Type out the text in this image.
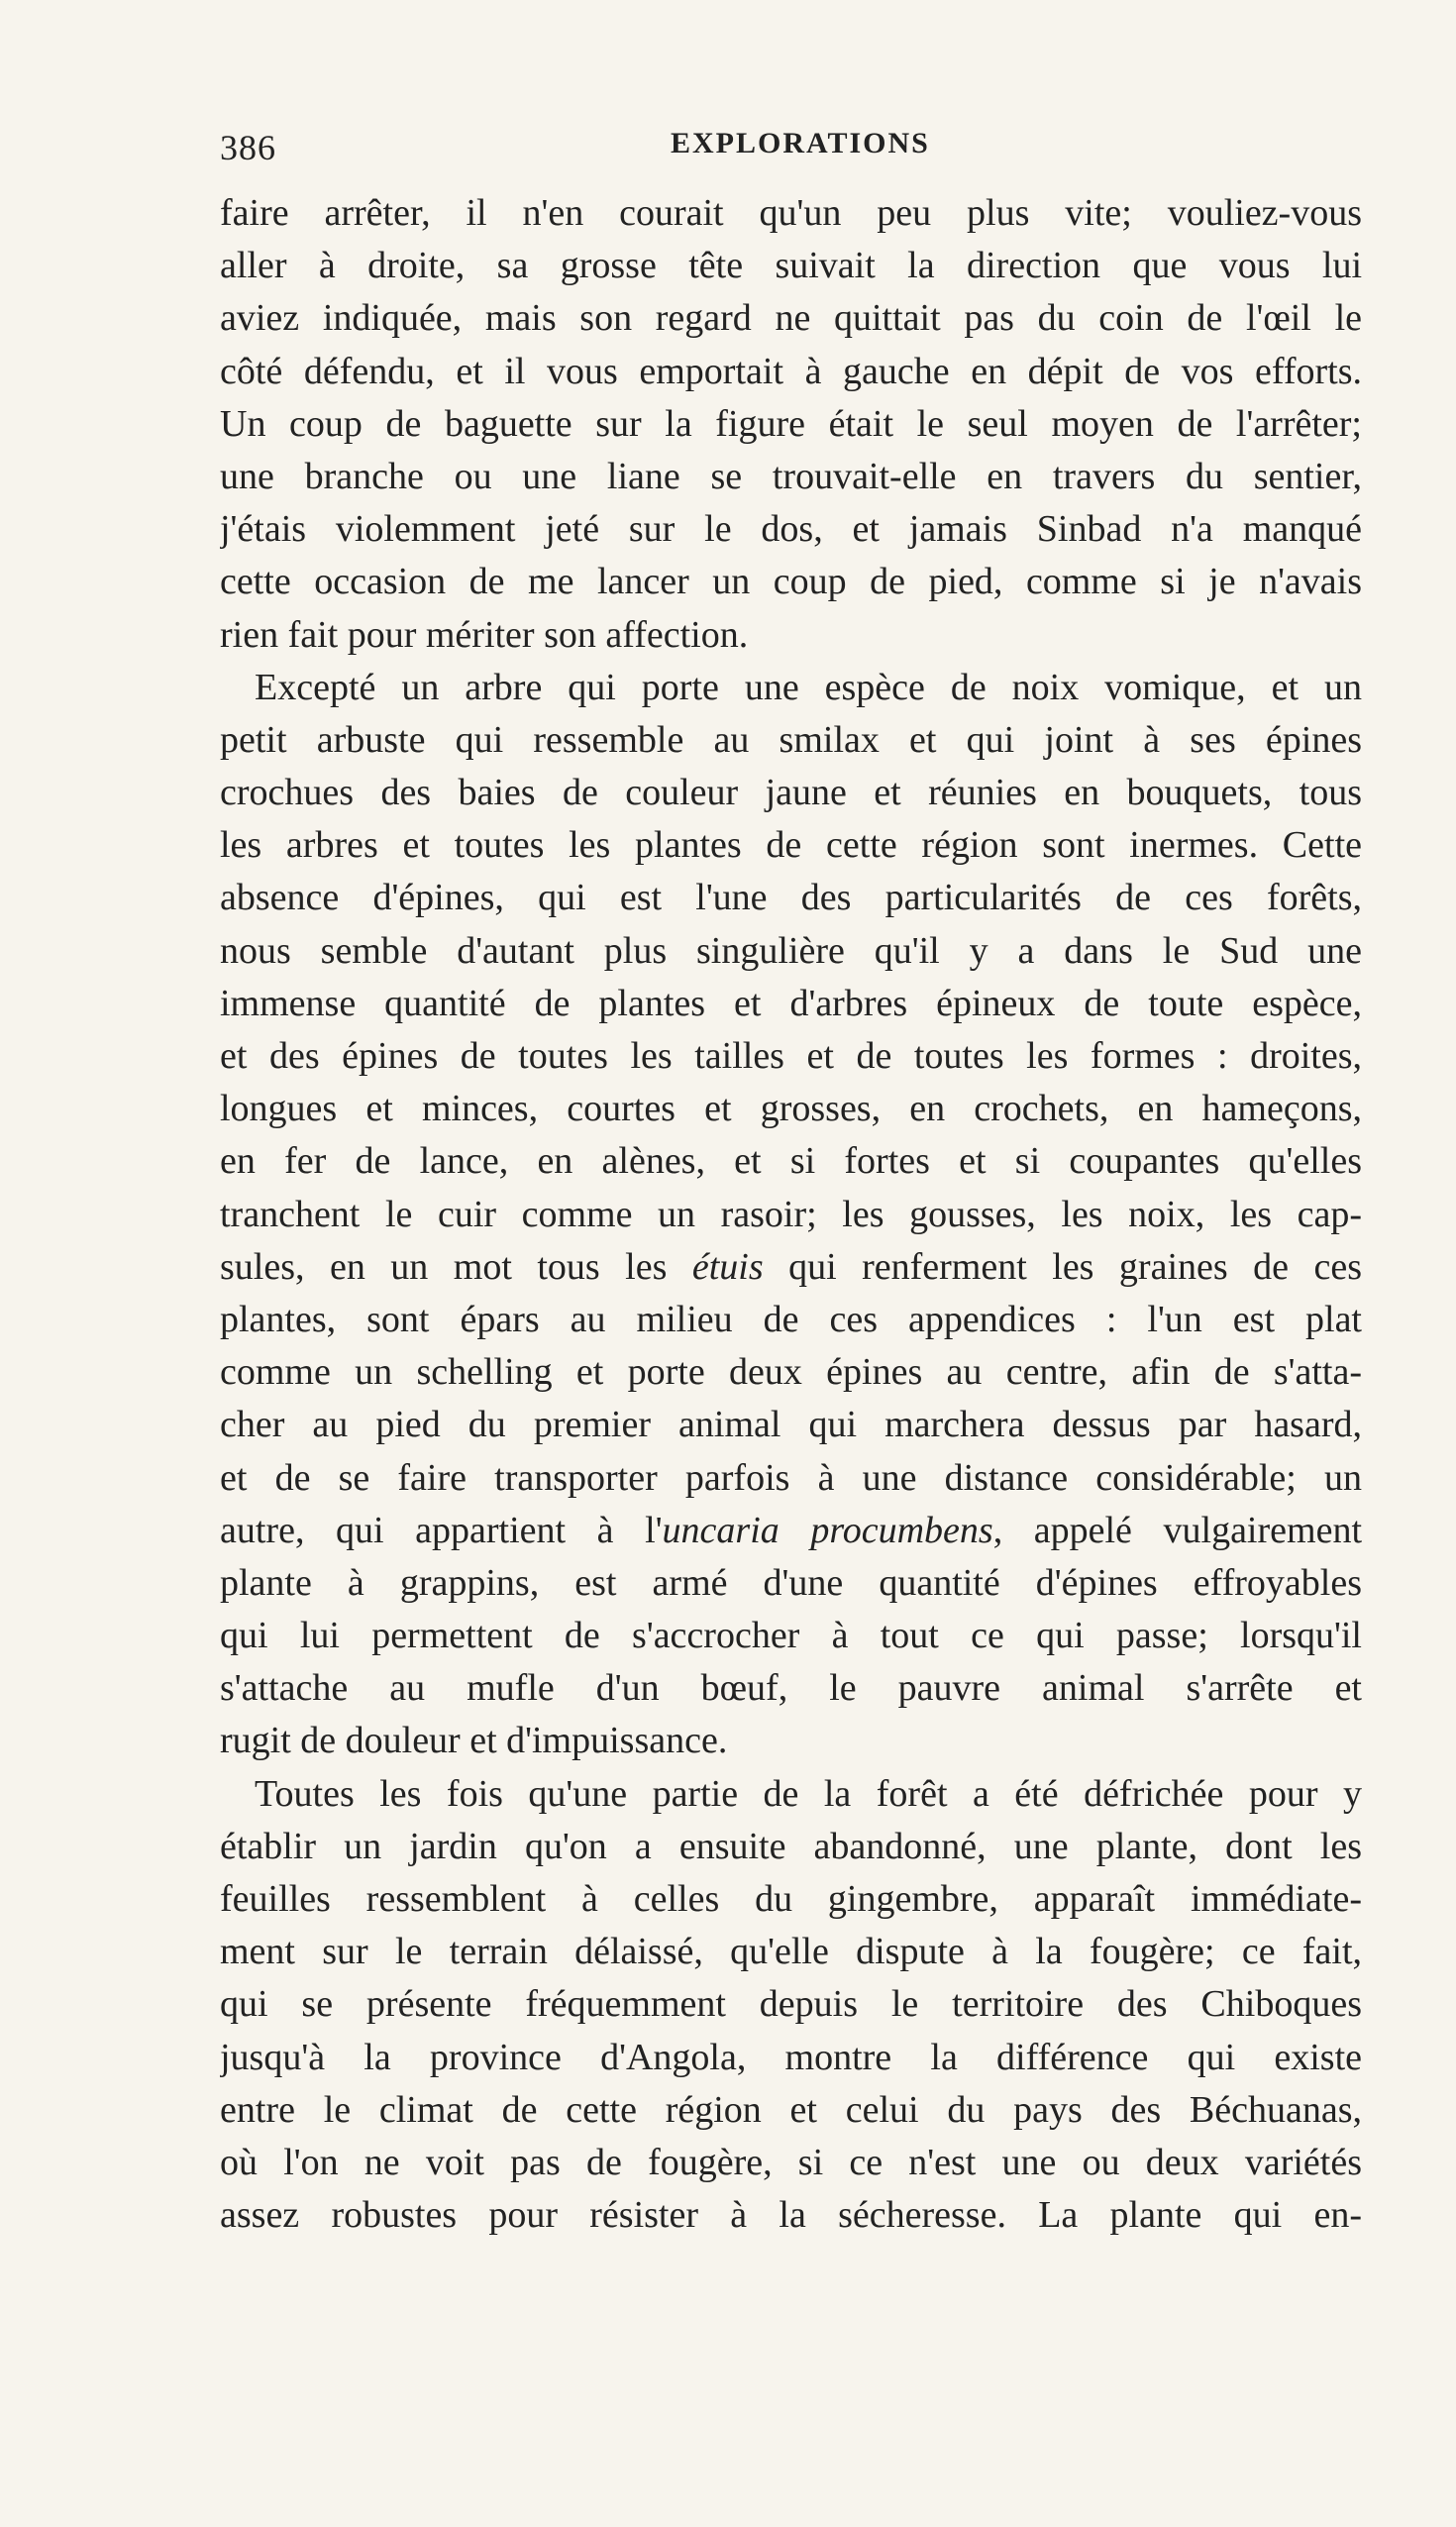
386	EXPLORATIONS
faire arrêter, il n'en courait qu'un peu plus vite; vouliez-vous
aller à droite, sa grosse tête suivait la direction que vous lui
aviez indiquée, mais son regard ne quittait pas du coin de l'œil le
côté défendu, et il vous emportait à gauche en dépit de vos efforts.
Un coup de baguette sur la figure était le seul moyen de l'arrêter;
une branche ou une liane se trouvait-elle en travers du sentier,
j'étais violemment jeté sur le dos, et jamais Sinbad n'a manqué
cette occasion de me lancer un coup de pied, comme si je n'avais
rien fait pour mériter son affection.
Excepté un arbre qui porte une espèce de noix vomique, et un
petit arbuste qui ressemble au smilax et qui joint à ses épines
crochues des baies de couleur jaune et réunies en bouquets, tous
les arbres et toutes les plantes de cette région sont inermes. Cette
absence d'épines, qui est l'une des particularités de ces forêts,
nous semble d'autant plus singulière qu'il y a dans le Sud une
immense quantité de plantes et d'arbres épineux de toute espèce,
et des épines de toutes les tailles et de toutes les formes : droites,
longues et minces, courtes et grosses, en crochets, en hameçons,
en fer de lance, en alènes, et si fortes et si coupantes qu'elles
tranchent le cuir comme un rasoir; les gousses, les noix, les cap-
sules, en un mot tous les étuis qui renferment les graines de ces
plantes, sont épars au milieu de ces appendices : l'un est plat
comme un schelling et porte deux épines au centre, afin de s'atta-
cher au pied du premier animal qui marchera dessus par hasard,
et de se faire transporter parfois à une distance considérable; un
autre, qui appartient à l'uncaria procumbens, appelé vulgairement
plante à grappins, est armé d'une quantité d'épines effroyables
qui lui permettent de s'accrocher à tout ce qui passe; lorsqu'il
s'attache au mufle d'un bœuf, le pauvre animal s'arrête et
rugit de douleur et d'impuissance.
Toutes les fois qu'une partie de la forêt a été défrichée pour y
établir un jardin qu'on a ensuite abandonné, une plante, dont les
feuilles ressemblent à celles du gingembre, apparaît immédiate-
ment sur le terrain délaissé, qu'elle dispute à la fougère; ce fait,
qui se présente fréquemment depuis le territoire des Chiboques
jusqu'à la province d'Angola, montre la différence qui existe
entre le climat de cette région et celui du pays des Béchuanas,
où l'on ne voit pas de fougère, si ce n'est une ou deux variétés
assez robustes pour résister à la sécheresse. La plante qui en-
